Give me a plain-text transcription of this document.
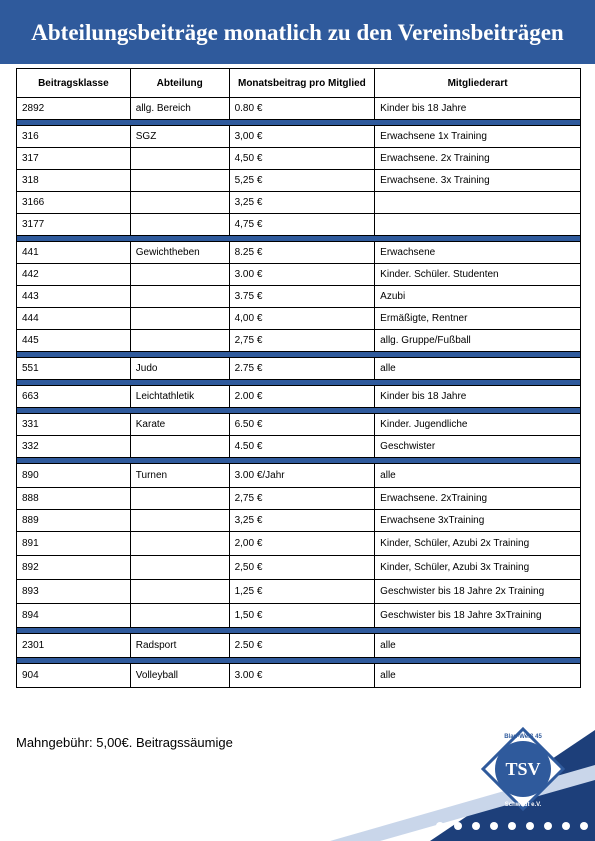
Abteilungsbeiträge monatlich zu den Vereinsbeiträgen
Beitragsklasse	Abteilung	Monatsbeitrag pro Mitglied	Mitgliederart
2892	allg. Bereich	0.80 €	Kinder bis 18 Jahre

316	SGZ	3,00 €	Erwachsene 1x Training
317		4,50 €	Erwachsene. 2x Training
318		5,25 €	Erwachsene. 3x Training
3166		3,25 €	
3177		4,75 €	

441	Gewichtheben	8.25 €	Erwachsene
442		3.00 €	Kinder. Schüler. Studenten
443		3.75 €	Azubi
444		4,00 €	Ermäßigte, Rentner
445		2,75 €	allg. Gruppe/Fußball

551	Judo	2.75 €	alle

663	Leichtathletik	2.00 €	Kinder bis 18 Jahre

331	Karate	6.50 €	Kinder. Jugendliche
332		4.50 €	Geschwister

890	Turnen	3.00 €/Jahr	alle
888		2,75 €	Erwachsene. 2xTraining
889		3,25 €	Erwachsene 3xTraining
891		2,00 €	Kinder, Schüler, Azubi 2x Training
892		2,50 €	Kinder, Schüler, Azubi 3x Training
893		1,25 €	Geschwister bis 18 Jahre 2x Training
894		1,50 €	Geschwister bis 18 Jahre 3xTraining

2301	Radsport	2.50 €	alle

904	Volleyball	3.00 €	alle
Mahngebühr: 5,00€. Beitragssäumige	Blau-Weiß 45
TSV
Schwedt e.V.
